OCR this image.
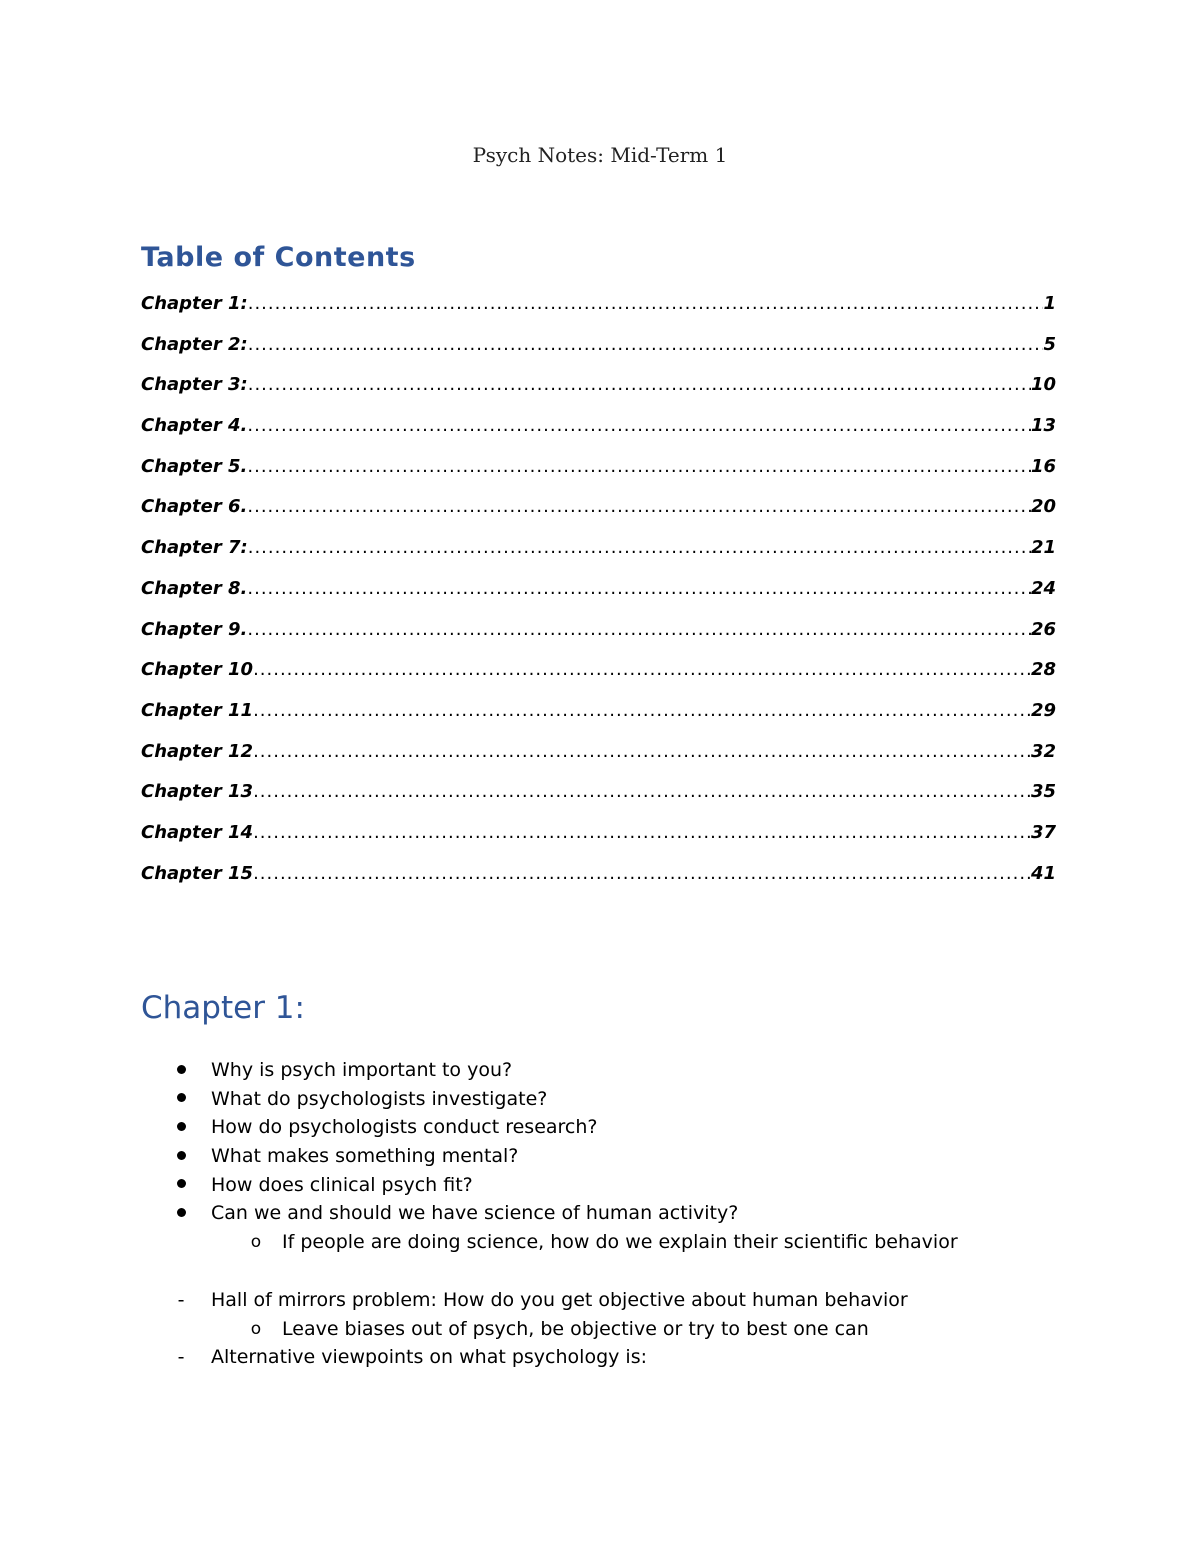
Psych Notes: Mid-Term 1
Table of Contents
Chapter 1: .....	1
Chapter 2: .....	5
Chapter 3: .....	10
Chapter 4. .....	13
Chapter 5. .....	16
Chapter 6. .....	20
Chapter 7: .....	21
Chapter 8. .....	24
Chapter 9. .....	26
Chapter 10 .....	28
Chapter 11 .....	29
Chapter 12 .....	32
Chapter 13 .....	35
Chapter 14 .....	37
Chapter 15 .....	41
Chapter 1:
Why is psych important to you?
What do psychologists investigate?
How do psychologists conduct research?
What makes something mental?
How does clinical psych fit?
Can we and should we have science of human activity?
o If people are doing science, how do we explain their scientific behavior
-	Hall of mirrors problem: How do you get objective about human behavior
o Leave biases out of psych, be objective or try to best one can
-	Alternative viewpoints on what psychology is:
